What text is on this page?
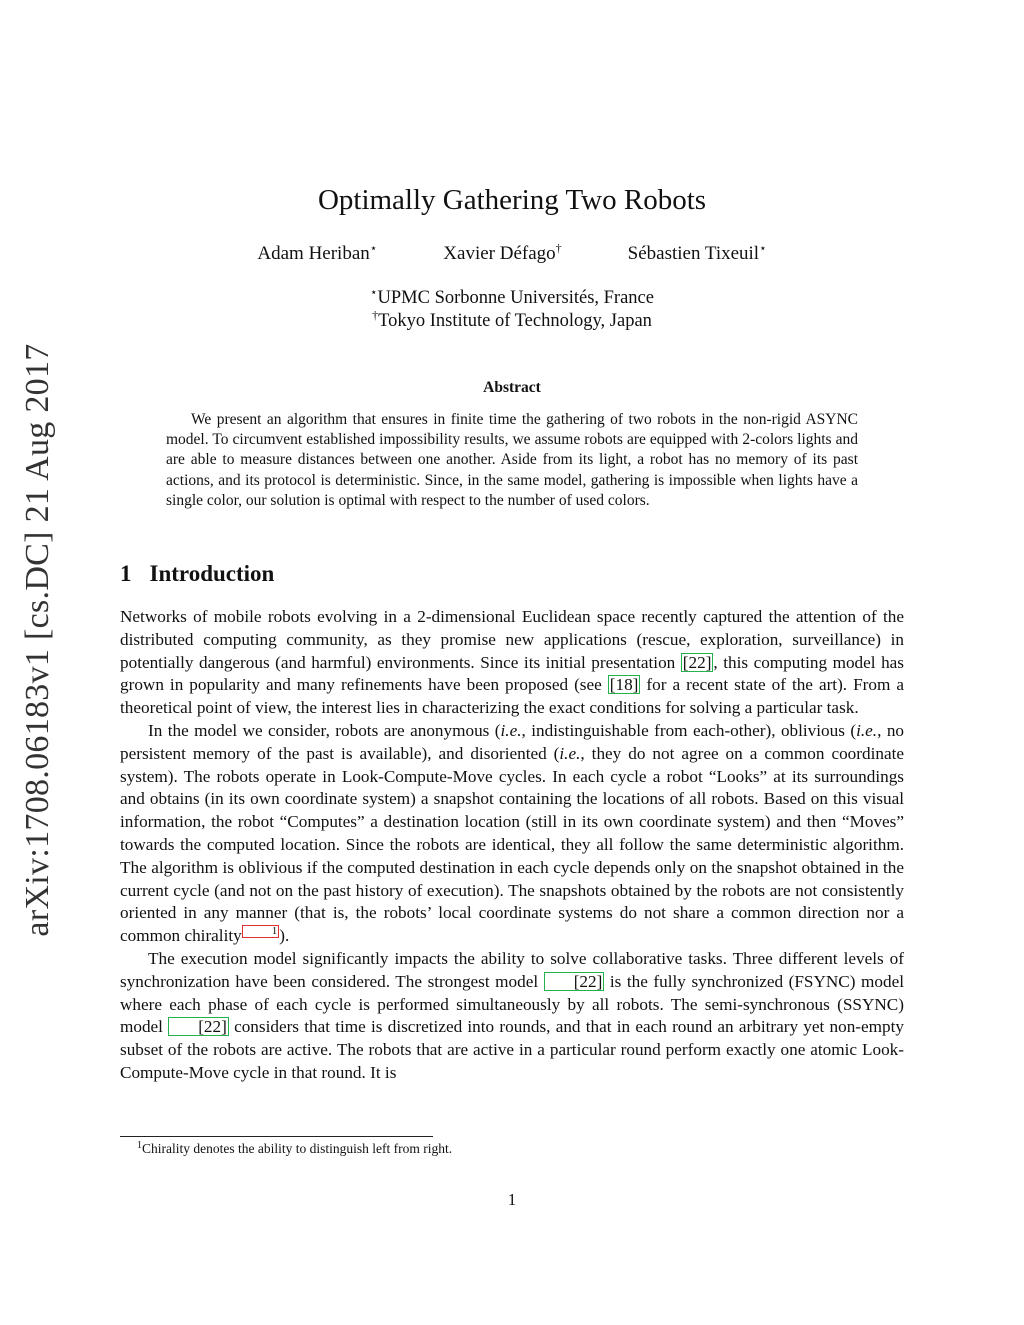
arXiv:1708.06183v1 [cs.DC] 21 Aug 2017
Optimally Gathering Two Robots
Adam Heriban⋆	Xavier Défago†	Sébastien Tixeuil⋆
⋆UPMC Sorbonne Universités, France
†Tokyo Institute of Technology, Japan
Abstract

We present an algorithm that ensures in finite time the gathering of two robots in the non-rigid ASYNC model. To circumvent established impossibility results, we assume robots are equipped with 2-colors lights and are able to measure distances between one another. Aside from its light, a robot has no memory of its past actions, and its protocol is deterministic. Since, in the same model, gathering is impossible when lights have a single color, our solution is optimal with respect to the number of used colors.

1 Introduction

Networks of mobile robots evolving in a 2-dimensional Euclidean space recently captured the attention of the distributed computing community, as they promise new applications (rescue, exploration, surveillance) in potentially dangerous (and harmful) environments. Since its initial presentation [22] , this computing model has grown in popularity and many refinements have been proposed (see [18] for a recent state of the art). From a theoretical point of view, the interest lies in characterizing the exact conditions for solving a particular task.

In the model we consider, robots are anonymous (i.e., indistinguishable from each-other), oblivious (i.e., no persistent memory of the past is available), and disoriented (i.e., they do not agree on a common coordinate system). The robots operate in Look-Compute-Move cycles. In each cycle a robot “Looks” at its surroundings and obtains (in its own coordinate system) a snapshot containing the locations of all robots. Based on this visual information, the robot “Computes” a destination location (still in its own coordinate system) and then “Moves” towards the computed location. Since the robots are identical, they all follow the same deterministic algorithm. The algorithm is oblivious if the computed destination in each cycle depends only on the snapshot obtained in the current cycle (and not on the past history of execution). The snapshots obtained by the robots are not consistently oriented in any manner (that is, the robots’ local coordinate systems do not share a common direction nor a common chirality	1 ).

The execution model significantly impacts the ability to solve collaborative tasks. Three different levels of synchronization have been considered. The strongest model [22] is the fully synchronized (FSYNC) model where each phase of each cycle is performed simultaneously by all robots. The semi-synchronous (SSYNC) model [22] considers that time is discretized into rounds, and that in each round an arbitrary yet non-empty subset of the robots are active. The robots that are active in a particular round perform exactly one atomic Look-Compute-Move cycle in that round. It is

$^1$Chirality denotes the ability to distinguish left from right.
1
